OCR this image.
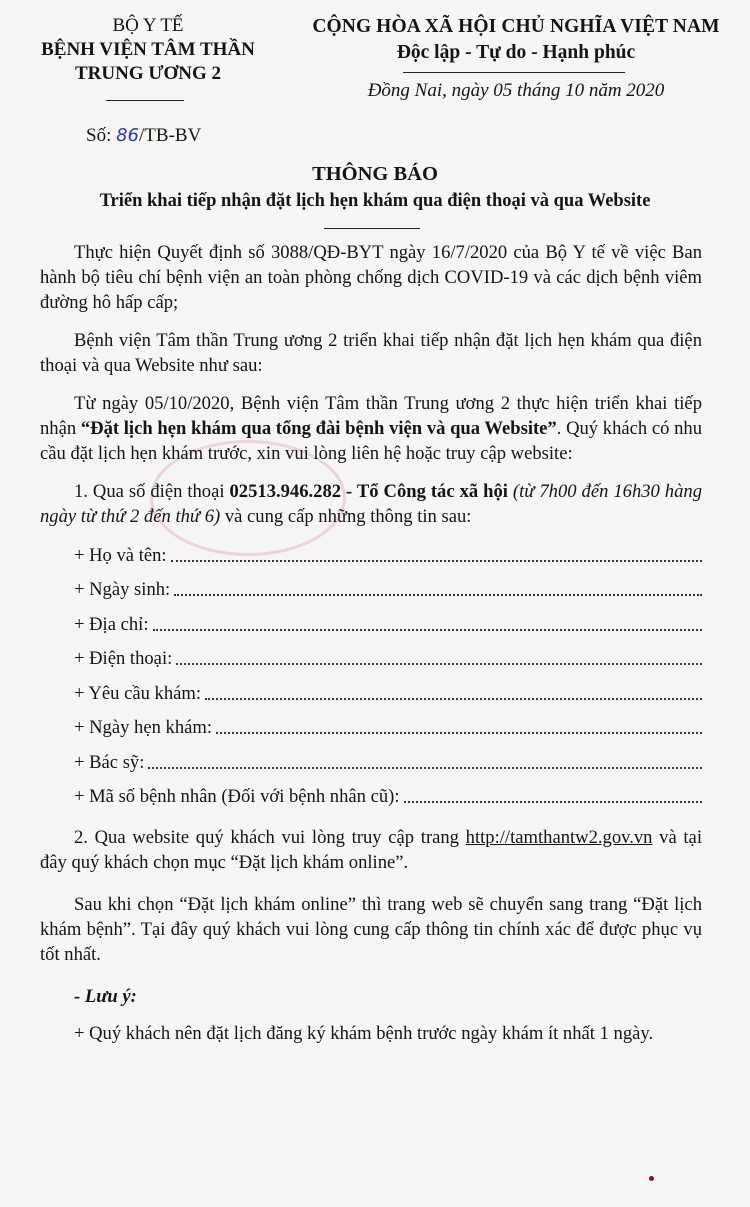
BỘ Y TẾ
BỆNH VIỆN TÂM THẦN
TRUNG ƯƠNG 2
CỘNG HÒA XÃ HỘI CHỦ NGHĨA VIỆT NAM
Độc lập - Tự do - Hạnh phúc
Đồng Nai, ngày 05 tháng 10 năm 2020
Số: 86/TB-BV
THÔNG BÁO
Triển khai tiếp nhận đặt lịch hẹn khám qua điện thoại và qua Website

Thực hiện Quyết định số 3088/QĐ-BYT ngày 16/7/2020 của Bộ Y tế về việc Ban hành bộ tiêu chí bệnh viện an toàn phòng chống dịch COVID-19 và các dịch bệnh viêm đường hô hấp cấp;

Bệnh viện Tâm thần Trung ương 2 triển khai tiếp nhận đặt lịch hẹn khám qua điện thoại và qua Website như sau:

Từ ngày 05/10/2020, Bệnh viện Tâm thần Trung ương 2 thực hiện triển khai tiếp nhận “Đặt lịch hẹn khám qua tổng đài bệnh viện và qua Website”. Quý khách có nhu cầu đặt lịch hẹn khám trước, xin vui lòng liên hệ hoặc truy cập website:

1. Qua số điện thoại 02513.946.282 - Tổ Công tác xã hội (từ 7h00 đến 16h30 hàng ngày từ thứ 2 đến thứ 6) và cung cấp những thông tin sau:

+ Họ và tên:
+ Ngày sinh:
+ Địa chỉ:
+ Điện thoại:
+ Yêu cầu khám:
+ Ngày hẹn khám:
+ Bác sỹ:
+ Mã số bệnh nhân (Đối với bệnh nhân cũ):

2. Qua website quý khách vui lòng truy cập trang http://tamthantw2.gov.vn và tại đây quý khách chọn mục “Đặt lịch khám online”.

Sau khi chọn “Đặt lịch khám online” thì trang web sẽ chuyển sang trang “Đặt lịch khám bệnh”. Tại đây quý khách vui lòng cung cấp thông tin chính xác để được phục vụ tốt nhất.

- Lưu ý:

+ Quý khách nên đặt lịch đăng ký khám bệnh trước ngày khám ít nhất 1 ngày.
